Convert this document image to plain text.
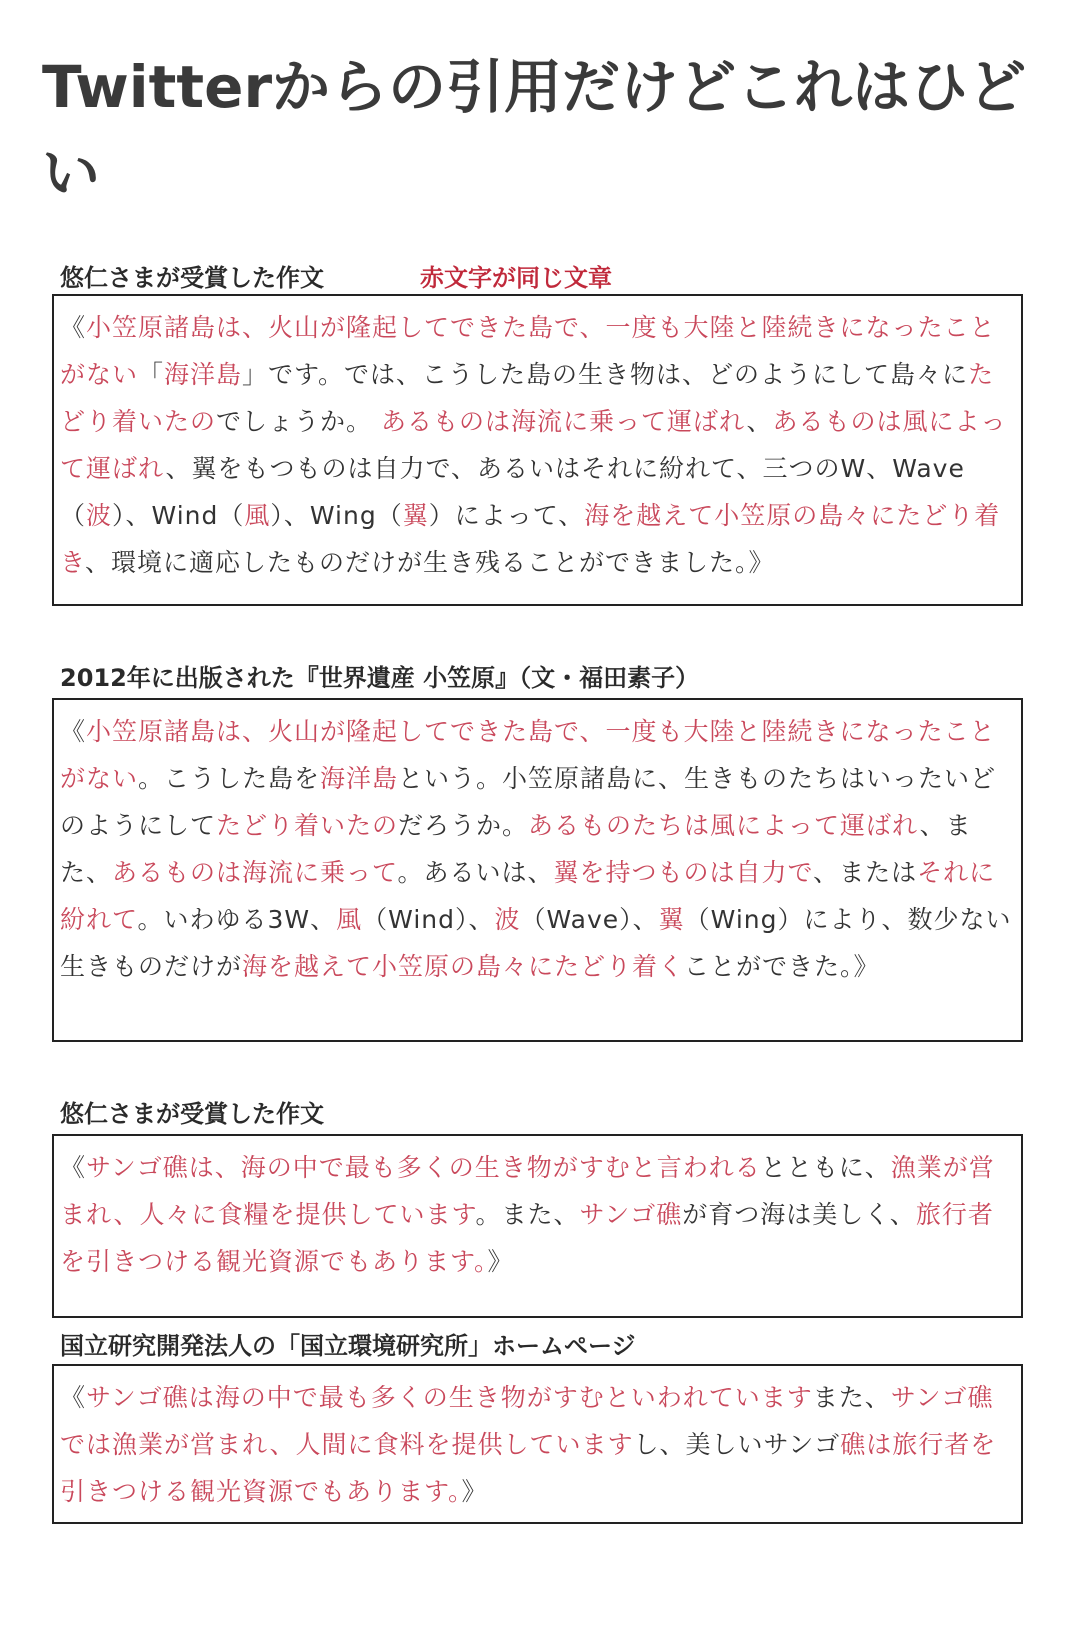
Twitterからの引用だけどこれはひどい
悠仁さまが受賞した作文	赤文字が同じ文章
《小笠原諸島は、火山が隆起してできた島で、一度も大陸と陸続きになったことがない「海洋島」です。では、こうした島の生き物は、どのようにして島々にたどり着いたのでしょうか。 あるものは海流に乗って運ばれ、あるものは風によって運ばれ、翼をもつものは自力で、あるいはそれに紛れて、三つのW、Wave（波）、Wind（風）、Wing（翼）によって、海を越えて小笠原の島々にたどり着き、環境に適応したものだけが生き残ることができました。》
2012年に出版された『世界遺産 小笠原』（文・福田素子）
《小笠原諸島は、火山が隆起してできた島で、一度も大陸と陸続きになったことがない。こうした島を海洋島という。小笠原諸島に、生きものたちはいったいどのようにしてたどり着いたのだろうか。あるものたちは風によって運ばれ、また、あるものは海流に乗って。あるいは、翼を持つものは自力で、またはそれに紛れて。いわゆる3W、風（Wind）、波（Wave）、翼（Wing）により、数少ない生きものだけが海を越えて小笠原の島々にたどり着くことができた。》
悠仁さまが受賞した作文
《サンゴ礁は、海の中で最も多くの生き物がすむと言われるとともに、漁業が営まれ、人々に食糧を提供しています。また、サンゴ礁が育つ海は美しく、旅行者を引きつける観光資源でもあります。》
国立研究開発法人の「国立環境研究所」ホームページ
《サンゴ礁は海の中で最も多くの生き物がすむといわれていますまた、サンゴ礁では漁業が営まれ、人間に食料を提供していますし、美しいサンゴ礁は旅行者を引きつける観光資源でもあります。》
